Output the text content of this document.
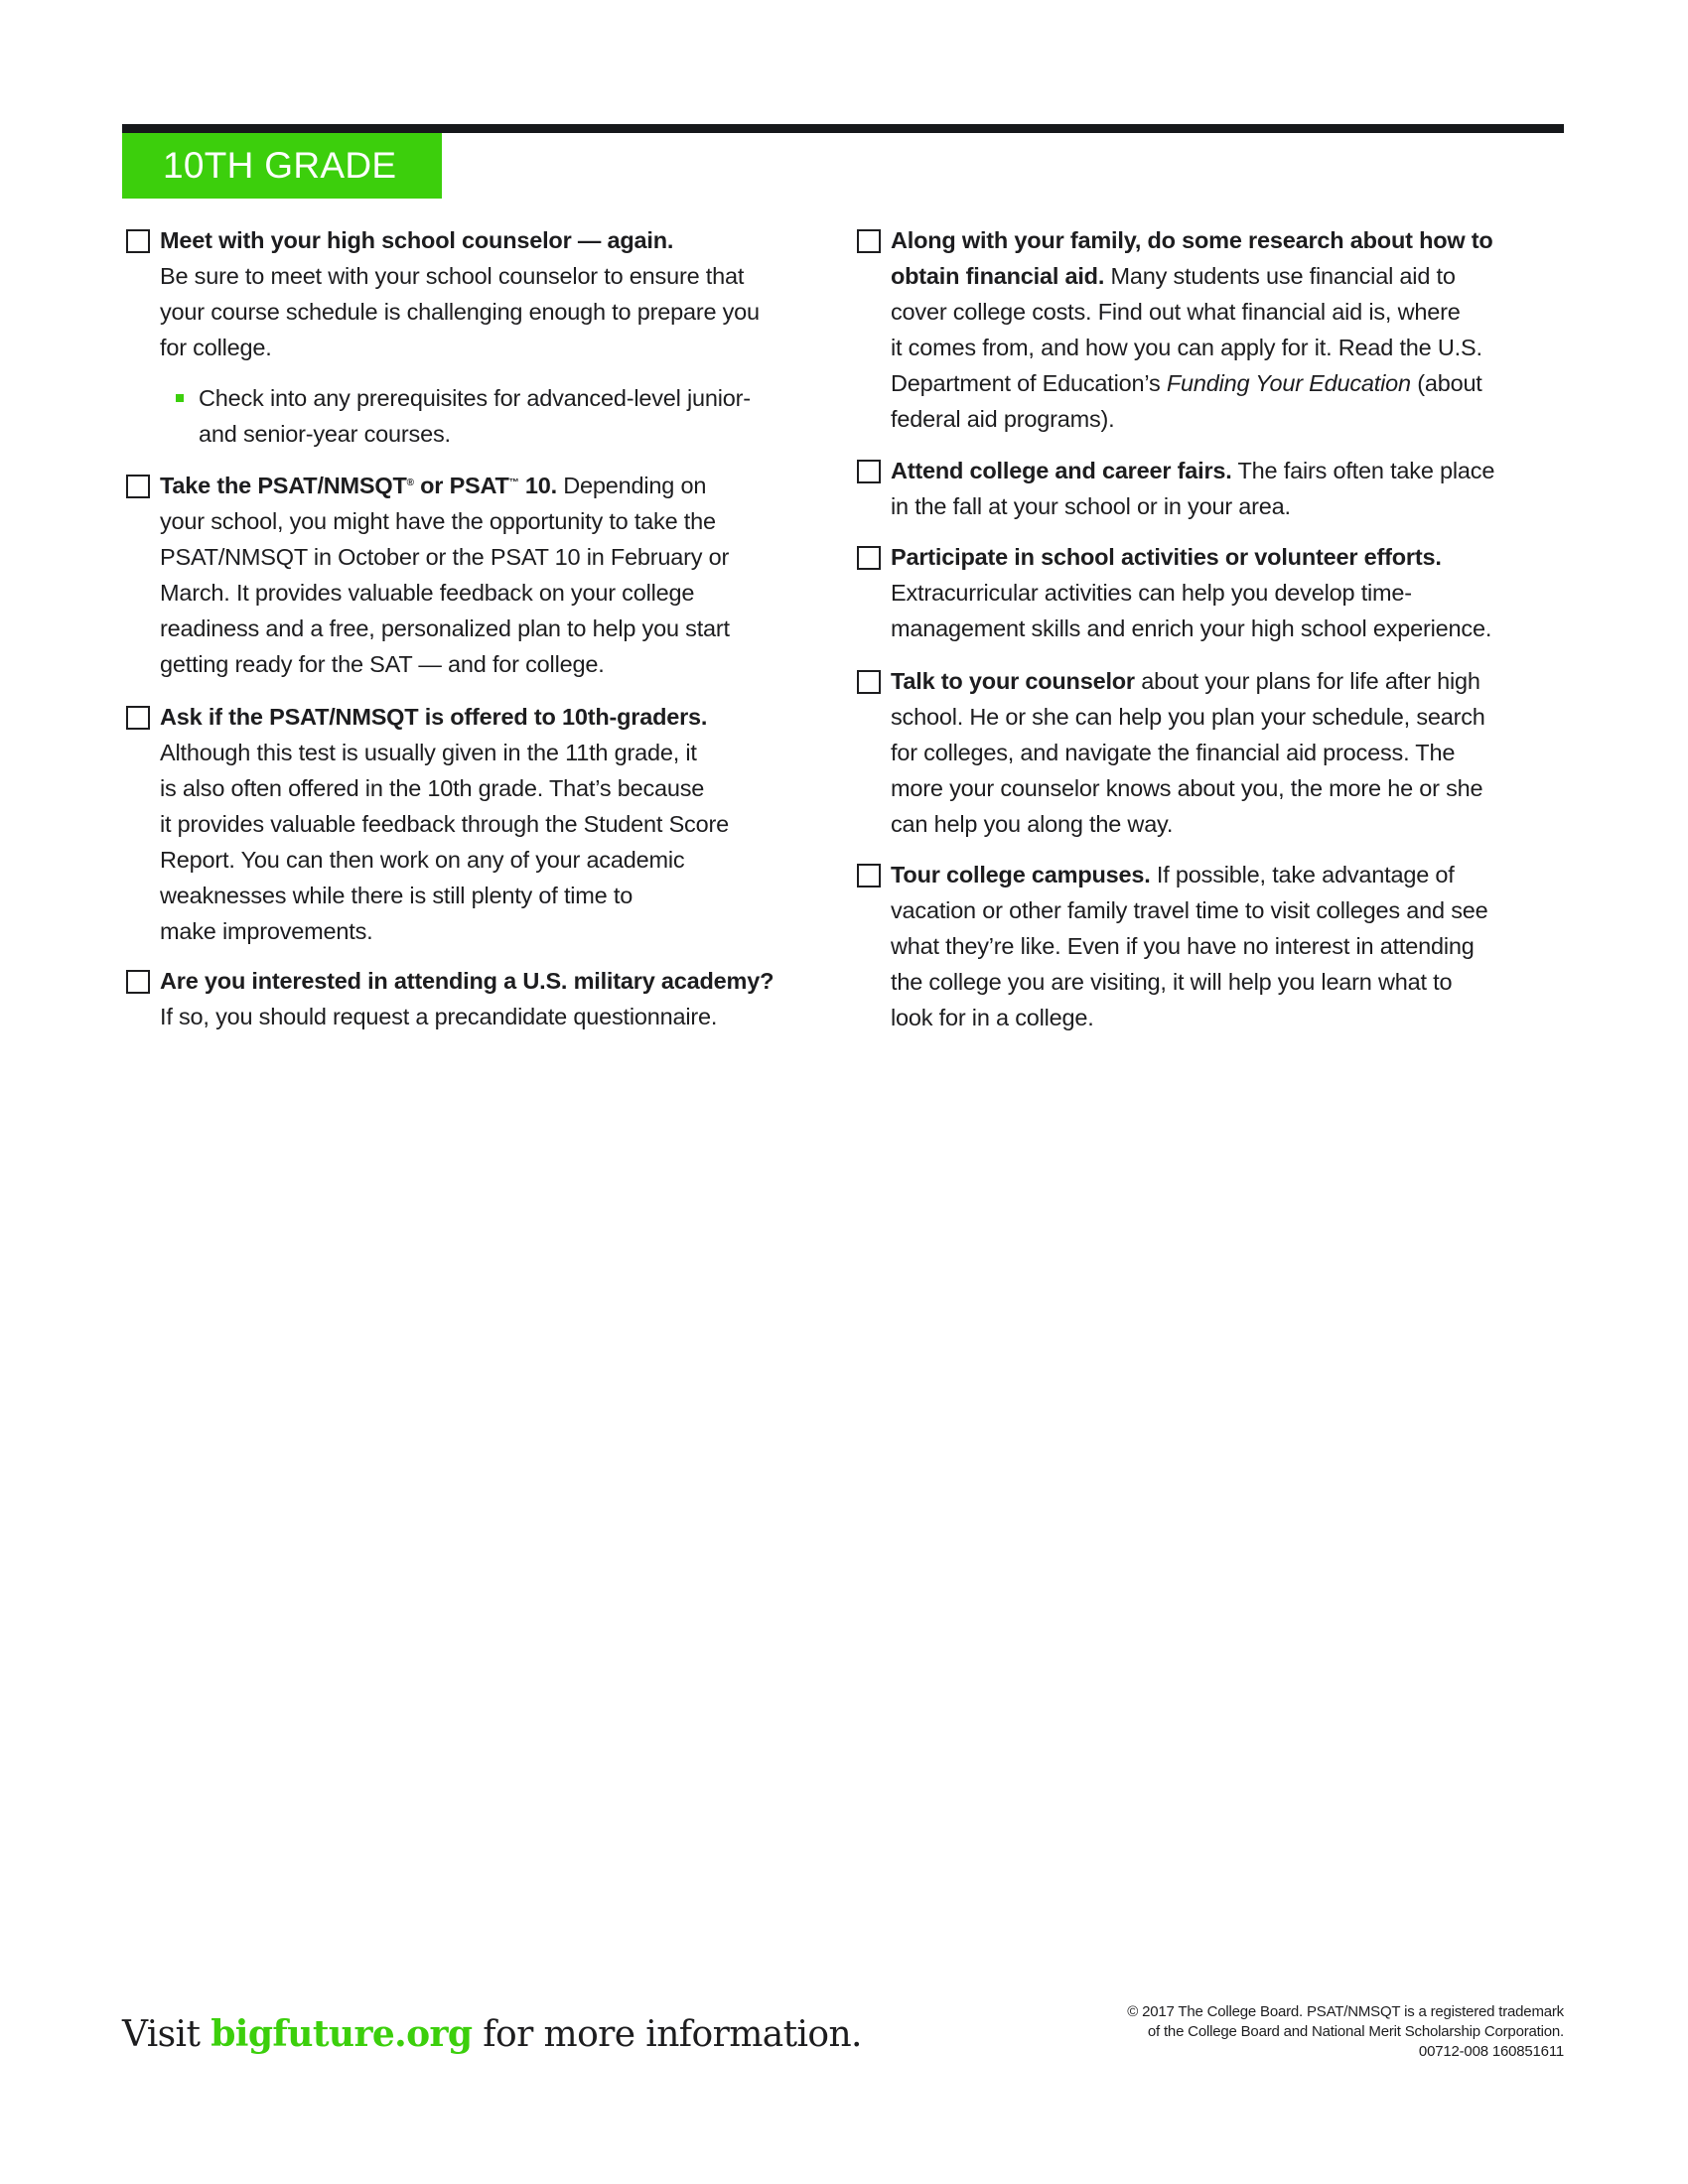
10TH GRADE
Meet with your high school counselor — again.
Be sure to meet with your school counselor to ensure that
your course schedule is challenging enough to prepare you
for college.
Check into any prerequisites for advanced-level junior-
and senior-year courses.
Take the PSAT/NMSQT® or PSAT™ 10. Depending on
your school, you might have the opportunity to take the
PSAT/NMSQT in October or the PSAT 10 in February or
March. It provides valuable feedback on your college
readiness and a free, personalized plan to help you start
getting ready for the SAT — and for college.
Ask if the PSAT/NMSQT is offered to 10th-graders.
Although this test is usually given in the 11th grade, it
is also often offered in the 10th grade. That’s because
it provides valuable feedback through the Student Score
Report. You can then work on any of your academic
weaknesses while there is still plenty of time to
make improvements.
Are you interested in attending a U.S. military academy?
If so, you should request a precandidate questionnaire.
Along with your family, do some research about how to
obtain financial aid. Many students use financial aid to
cover college costs. Find out what financial aid is, where
it comes from, and how you can apply for it. Read the U.S.
Department of Education’s Funding Your Education (about
federal aid programs).
Attend college and career fairs. The fairs often take place
in the fall at your school or in your area.
Participate in school activities or volunteer efforts.
Extracurricular activities can help you develop time-
management skills and enrich your high school experience.
Talk to your counselor about your plans for life after high
school. He or she can help you plan your schedule, search
for colleges, and navigate the financial aid process. The
more your counselor knows about you, the more he or she
can help you along the way.
Tour college campuses. If possible, take advantage of
vacation or other family travel time to visit colleges and see
what they’re like. Even if you have no interest in attending
the college you are visiting, it will help you learn what to
look for in a college.
Visit bigfuture.org for more information.
© 2017 The College Board. PSAT/NMSQT is a registered trademark
of the College Board and National Merit Scholarship Corporation.
00712-008 160851611
